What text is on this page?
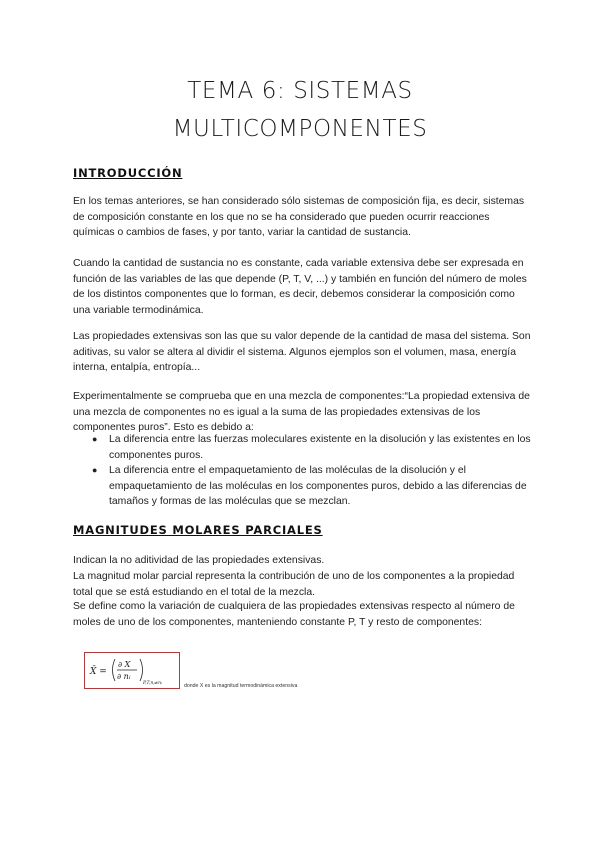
TEMA 6: SISTEMAS
MULTICOMPONENTES
INTRODUCCIÓN

En los temas anteriores, se han considerado sólo sistemas de composición fija, es decir, sistemas de composición constante en los que no se ha considerado que pueden ocurrir reacciones químicas o cambios de fases, y por tanto, variar la cantidad de sustancia.

Cuando la cantidad de sustancia no es constante, cada variable extensiva debe ser expresada en función de las variables de las que depende (P, T, V, ...) y también en función del número de moles de los distintos componentes que lo forman, es decir, debemos considerar la composición como una variable termodinámica.

Las propiedades extensivas son las que su valor depende de la cantidad de masa del sistema. Son aditivas, su valor se altera al dividir el sistema. Algunos ejemplos son el volumen, masa, energía interna, entalpía, entropía...

Experimentalmente se comprueba que en una mezcla de componentes:“La propiedad extensiva de una mezcla de componentes no es igual a la suma de las propiedades extensivas de los componentes puros”. Esto es debido a:

● La diferencia entre las fuerzas moleculares existente en la disolución y las existentes en los componentes puros.
● La diferencia entre el empaquetamiento de las moléculas de la disolución y el empaquetamiento de las moléculas en los componentes puros, debido a las diferencias de tamaños y formas de las moléculas que se mezclan.
MAGNITUDES MOLARES PARCIALES

Indican la no aditividad de las propiedades extensivas.

La magnitud molar parcial representa la contribución de uno de los componentes a la propiedad total que se está estudiando en el total de la mezcla.

Se define como la variación de cualquiera de las propiedades extensivas respecto al número de moles de uno de los componentes, manteniendo constante P, T y resto de componentes:

X̄ =
∂ X
∂ nᵢ
P,T,nⱼ≠nᵢ	donde X es la magnitud termodinámica extensiva
